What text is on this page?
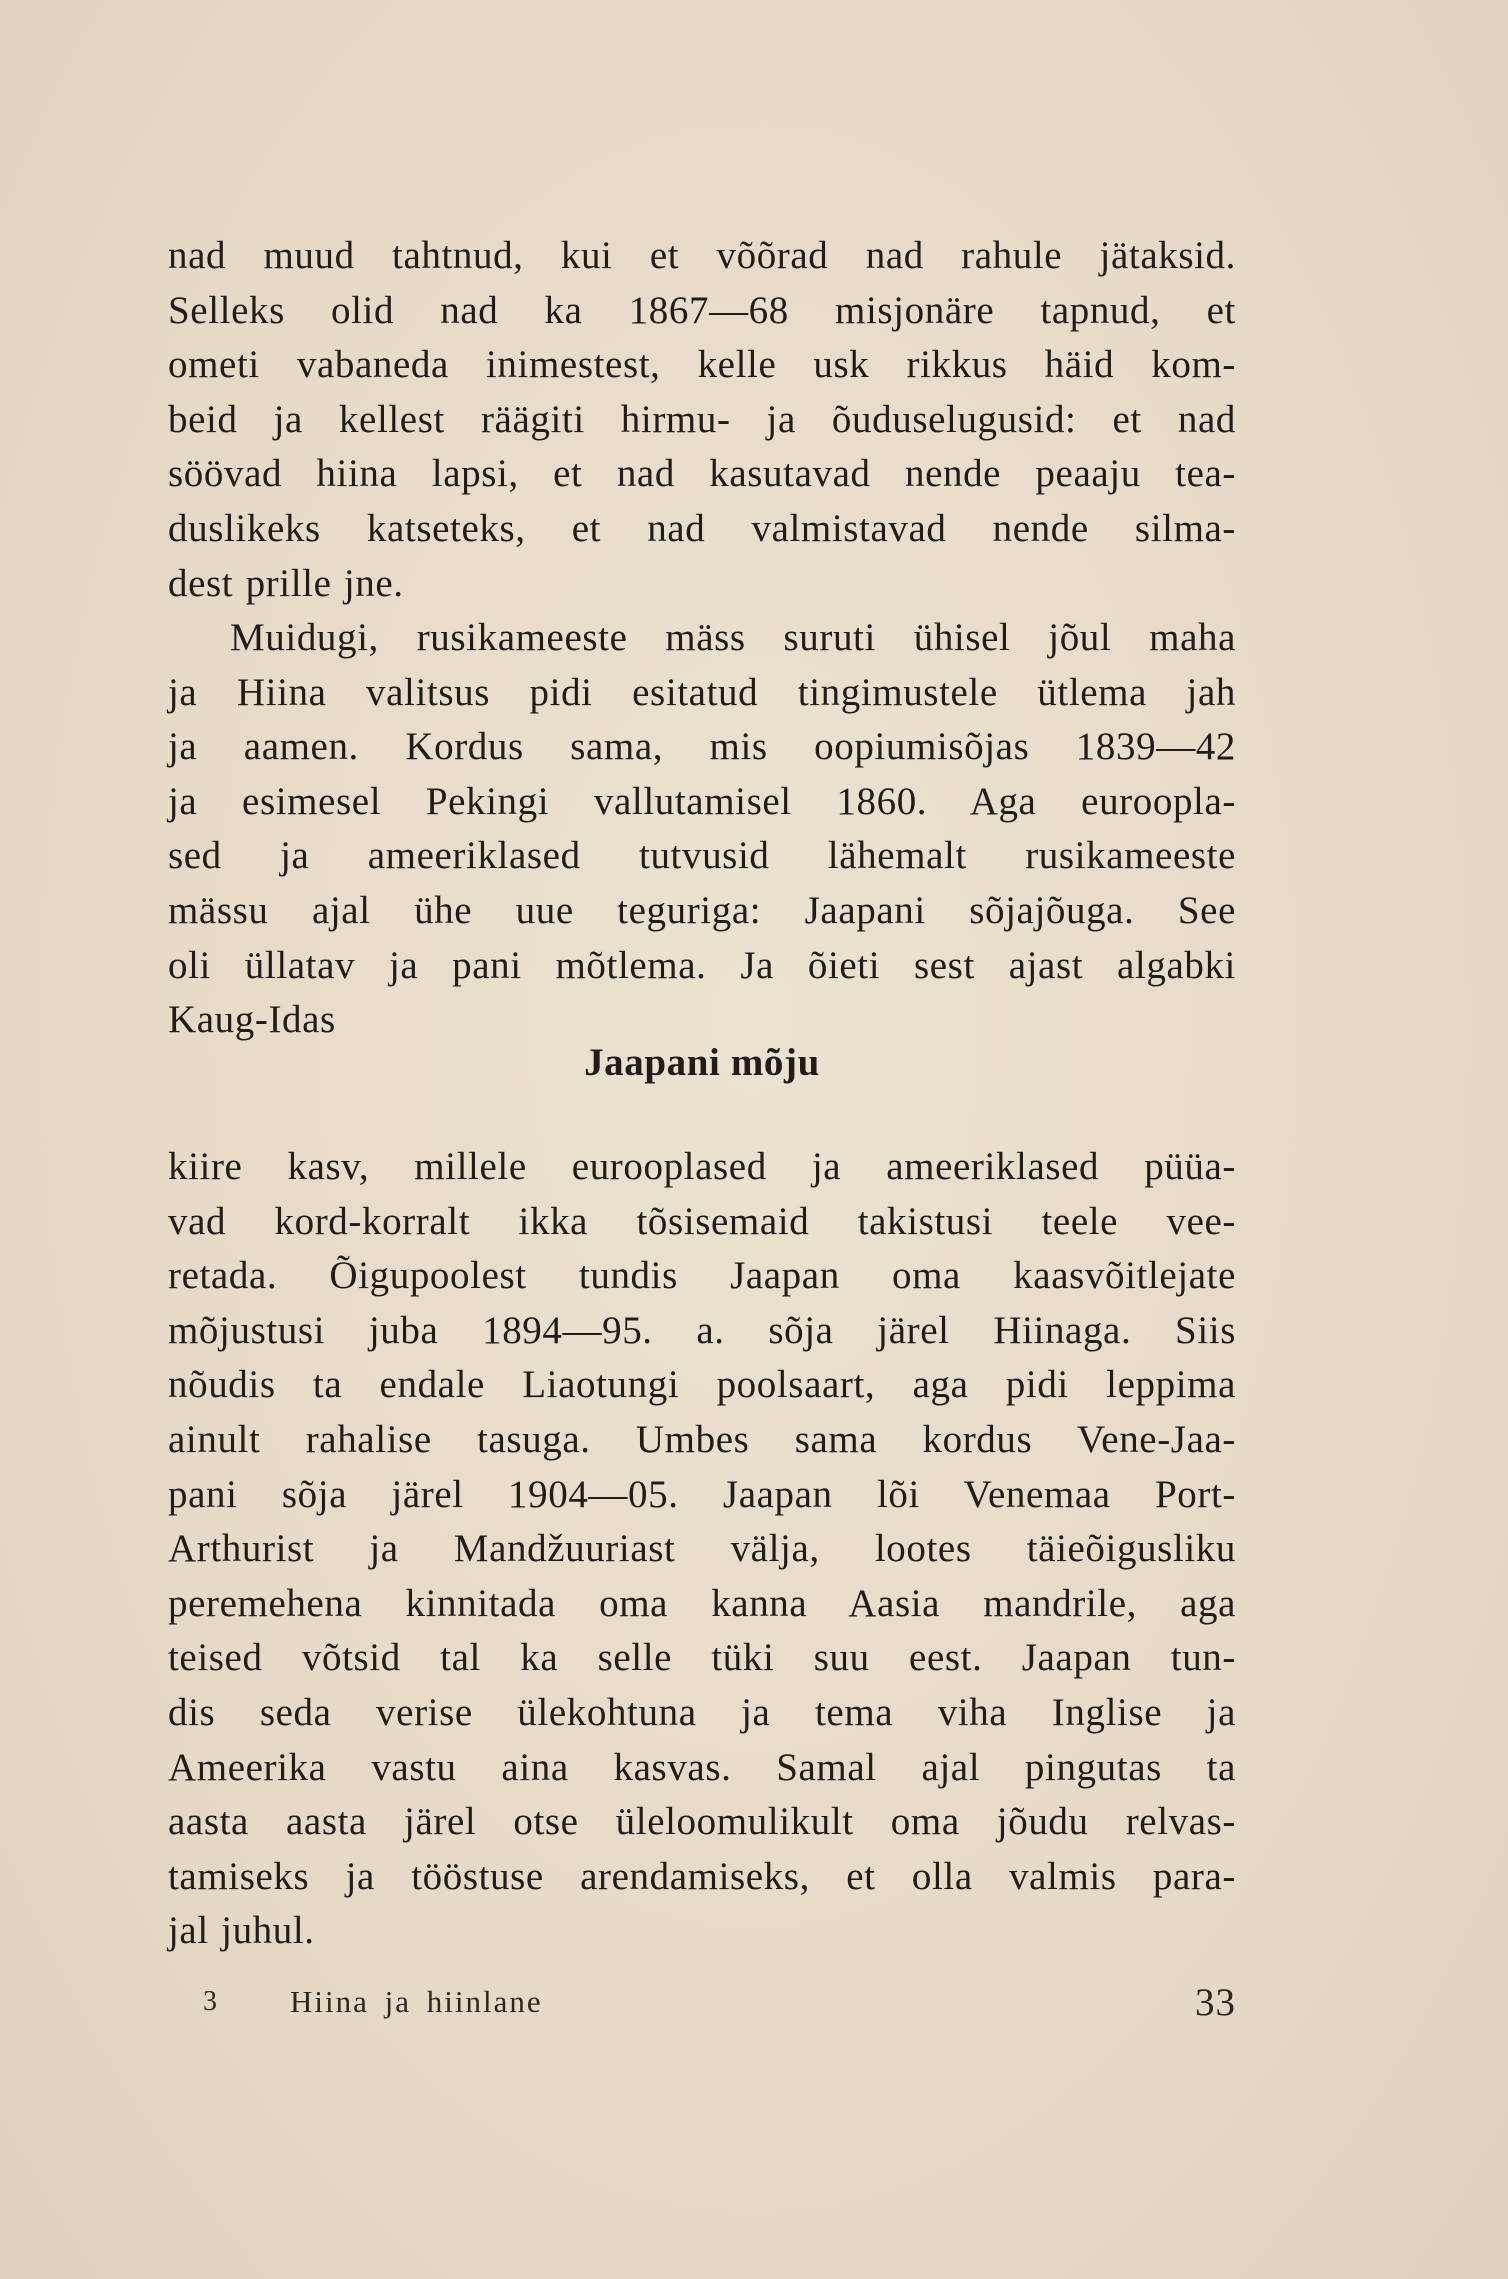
nad muud tahtnud, kui et võõrad nad rahule jätaksid.

Selleks olid nad ka 1867—68 misjonäre tapnud, et

ometi vabaneda inimestest, kelle usk rikkus häid kom-

beid ja kellest räägiti hirmu- ja õuduselugusid: et nad

söövad hiina lapsi, et nad kasutavad nende peaaju tea-

duslikeks katseteks, et nad valmistavad nende silma-

dest prille jne.

Muidugi, rusikameeste mäss suruti ühisel jõul maha

ja Hiina valitsus pidi esitatud tingimustele ütlema jah

ja aamen. Kordus sama, mis oopiumisõjas 1839—42

ja esimesel Pekingi vallutamisel 1860. Aga euroopla-

sed ja ameeriklased tutvusid lähemalt rusikameeste

mässu ajal ühe uue teguriga: Jaapani sõjajõuga. See

oli üllatav ja pani mõtlema. Ja õieti sest ajast algabki

Kaug-Idas

Jaapani mõju

kiire kasv, millele eurooplased ja ameeriklased püüa-

vad kord-korralt ikka tõsisemaid takistusi teele vee-

retada. Õigupoolest tundis Jaapan oma kaasvõitlejate

mõjustusi juba 1894—95. a. sõja järel Hiinaga. Siis

nõudis ta endale Liaotungi poolsaart, aga pidi leppima

ainult rahalise tasuga. Umbes sama kordus Vene-Jaa-

pani sõja järel 1904—05. Jaapan lõi Venemaa Port-

Arthurist ja Mandžuuriast välja, lootes täieõigusliku

peremehena kinnitada oma kanna Aasia mandrile, aga

teised võtsid tal ka selle tüki suu eest. Jaapan tun-

dis seda verise ülekohtuna ja tema viha Inglise ja

Ameerika vastu aina kasvas. Samal ajal pingutas ta

aasta aasta järel otse üleloomulikult oma jõudu relvas-

tamiseks ja tööstuse arendamiseks, et olla valmis para-

jal juhul.

3 Hiina ja hiinlane	33
